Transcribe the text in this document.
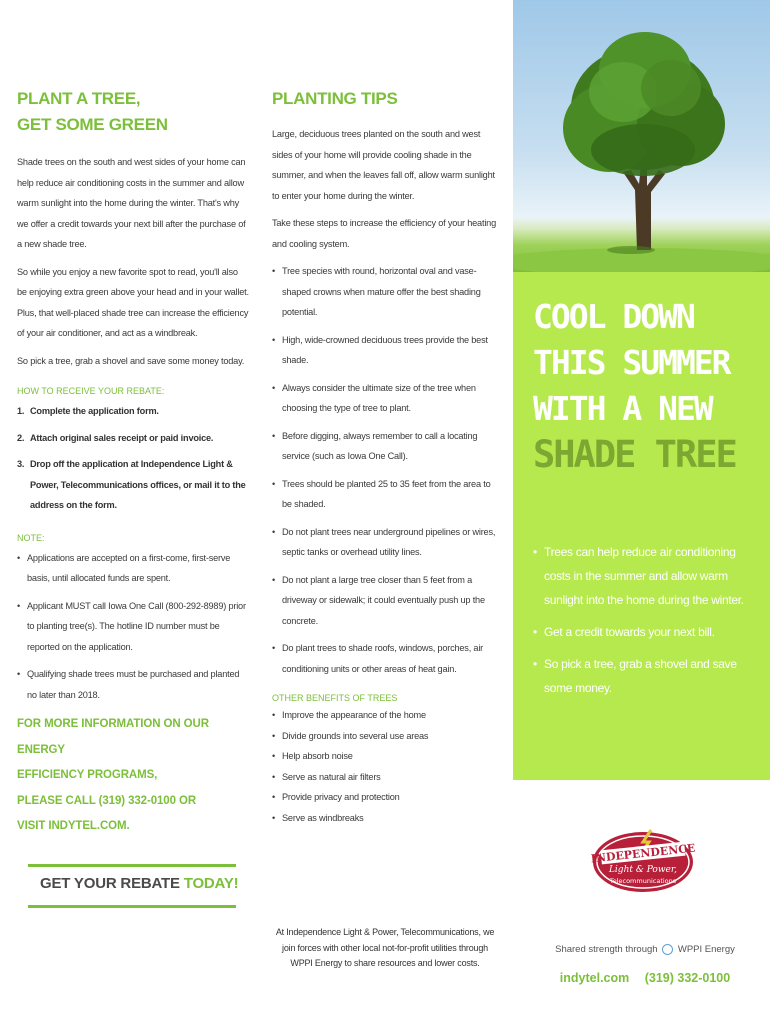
PLANT A TREE,
GET SOME GREEN

Shade trees on the south and west sides of your home can help reduce air conditioning costs in the summer and allow warm sunlight into the home during the winter. That's why we offer a credit towards your next bill after the purchase of a new shade tree.

So while you enjoy a new favorite spot to read, you'll also be enjoying extra green above your head and in your wallet. Plus, that well-placed shade tree can increase the efficiency of your air conditioner, and act as a windbreak.

So pick a tree, grab a shovel and save some money today.

HOW TO RECEIVE YOUR REBATE:
1. Complete the application form.
2. Attach original sales receipt or paid invoice.
3. Drop off the application at Independence Light & Power, Telecommunications offices, or mail it to the address on the form.
NOTE:
• Applications are accepted on a first-come, first-serve basis, until allocated funds are spent.
• Applicant MUST call Iowa One Call (800-292-8989) prior to planting tree(s). The hotline ID number must be reported on the application.
• Qualifying shade trees must be purchased and planted no later than 2018.
FOR MORE INFORMATION ON OUR ENERGY
EFFICIENCY PROGRAMS,
PLEASE CALL (319) 332-0100 OR
VISIT INDYTEL.COM.
PLANTING TIPS

Large, deciduous trees planted on the south and west sides of your home will provide cooling shade in the summer, and when the leaves fall off, allow warm sunlight to enter your home during the winter.

Take these steps to increase the efficiency of your heating and cooling system.

• Tree species with round, horizontal oval and vase-shaped crowns when mature offer the best shading potential.
• High, wide-crowned deciduous trees provide the best shade.
• Always consider the ultimate size of the tree when choosing the type of tree to plant.
• Before digging, always remember to call a locating service (such as Iowa One Call).
• Trees should be planted 25 to 35 feet from the area to be shaded.
• Do not plant trees near underground pipelines or wires, septic tanks or overhead utility lines.
• Do not plant a large tree closer than 5 feet from a driveway or sidewalk; it could eventually push up the concrete.
• Do plant trees to shade roofs, windows, porches, air conditioning units or other areas of heat gain.
OTHER BENEFITS OF TREES
• Improve the appearance of the home
• Divide grounds into several use areas
• Help absorb noise
• Serve as natural air filters
• Provide privacy and protection
• Serve as windbreaks
COOL DOWN
THIS SUMMER
WITH A NEW
SHADE TREE
• Trees can help reduce air conditioning costs in the summer and allow warm sunlight into the home during the winter.
• Get a credit towards your next bill.
• So pick a tree, grab a shovel and save some money.
GET YOUR REBATE TODAY!
At Independence Light & Power, Telecommunications, we join forces with other local not-for-profit utilities through WPPI Energy to share resources and lower costs.
INDEPENDENCE
Light & Power,
Telecommunications
Shared strength through WPPI Energy
indytel.com (319) 332-0100
